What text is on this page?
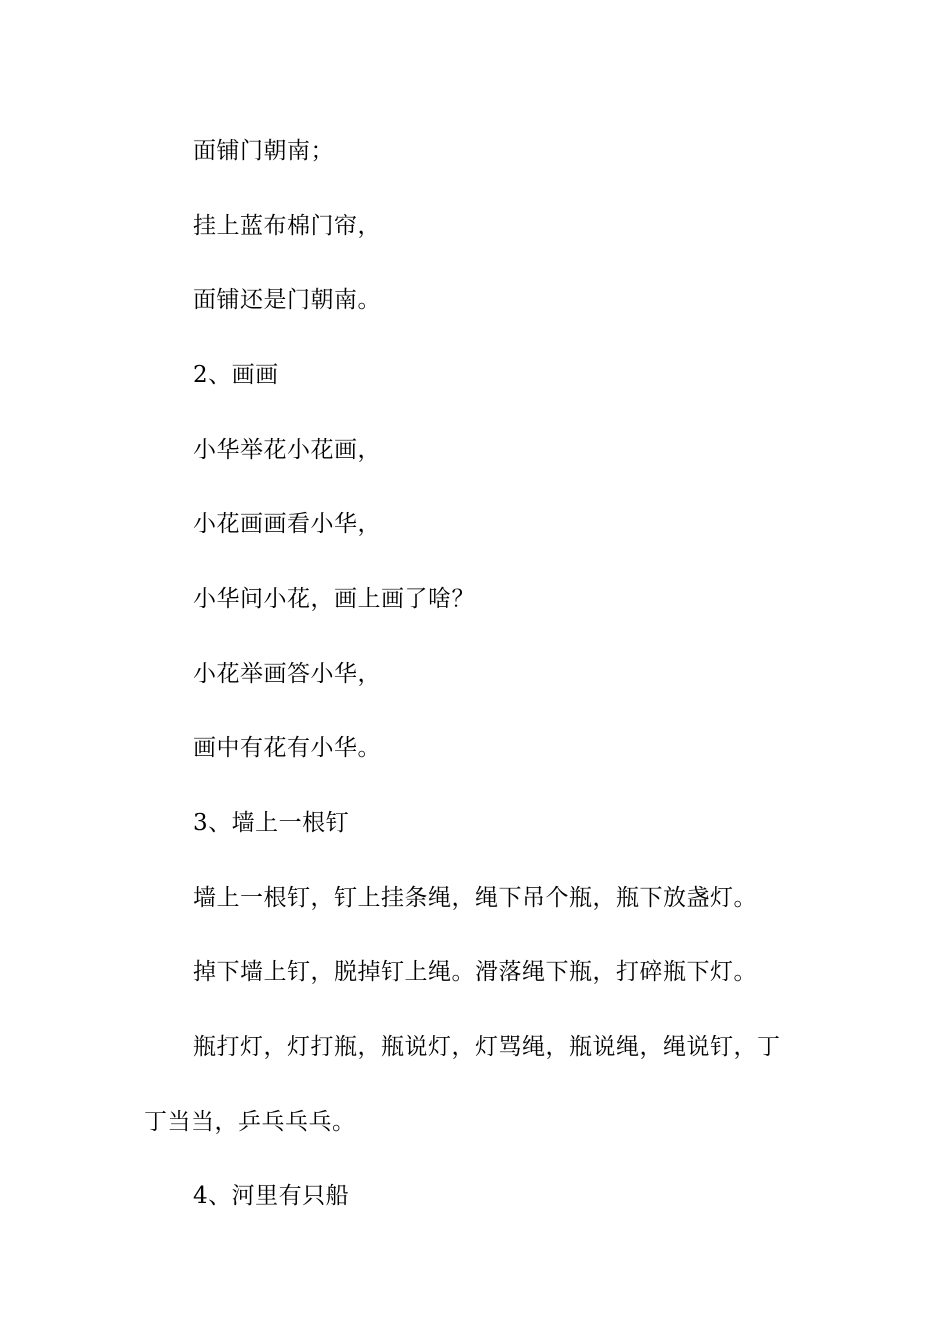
面铺门朝南；
挂上蓝布棉门帘，
面铺还是门朝南。
2、画画
小华举花小花画，
小花画画看小华，
小华问小花，画上画了啥？
小花举画答小华，
画中有花有小华。
3、墙上一根钉
墙上一根钉，钉上挂条绳，绳下吊个瓶，瓶下放盏灯。
掉下墙上钉，脱掉钉上绳。滑落绳下瓶，打碎瓶下灯。
瓶打灯，灯打瓶，瓶说灯，灯骂绳，瓶说绳，绳说钉，丁
丁当当，乒乓乓乓。
4、河里有只船
